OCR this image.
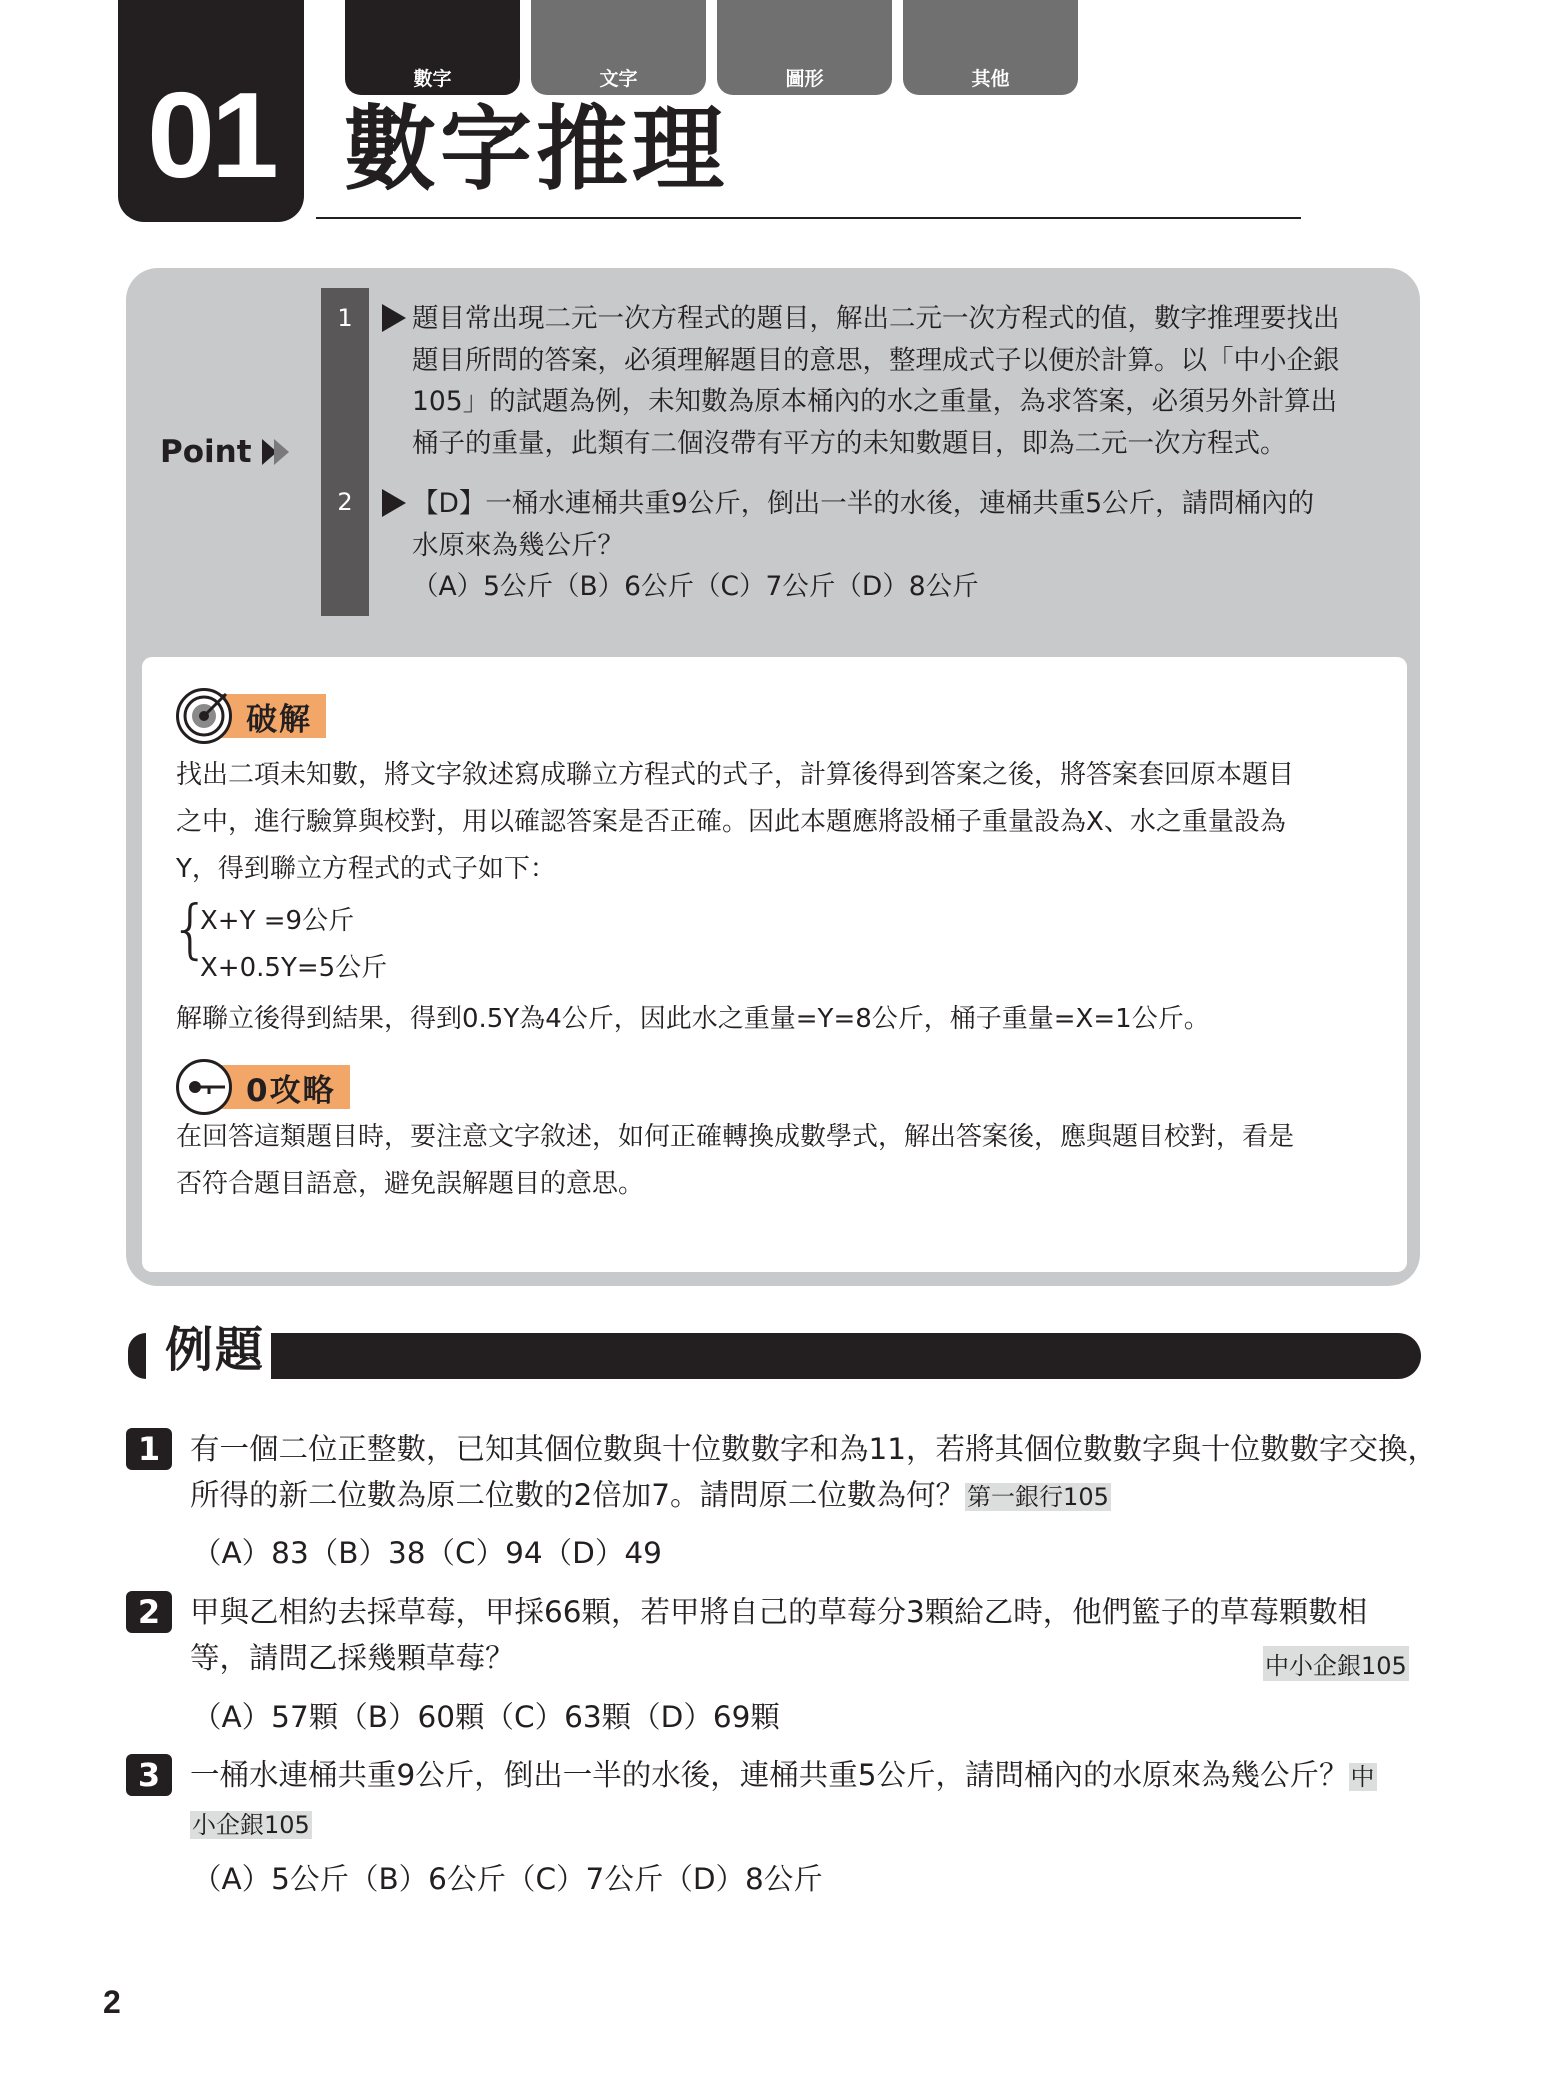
01	數字	文字	圖形	其他
數字推理
Point
1
2
題目常出現二元一次方程式的題目，解出二元一次方程式的值，數字推理要找出
題目所問的答案，必須理解題目的意思，整理成式子以便於計算。以「中小企銀
105」的試題為例，未知數為原本桶內的水之重量，為求答案，必須另外計算出
桶子的重量，此類有二個沒帶有平方的未知數題目，即為二元一次方程式。
【D】一桶水連桶共重9公斤，倒出一半的水後，連桶共重5公斤，請問桶內的
水原來為幾公斤？
（A）5公斤（B）6公斤（C）7公斤（D）8公斤
破解
找出二項未知數，將文字敘述寫成聯立方程式的式子，計算後得到答案之後，將答案套回原本題目
之中，進行驗算與校對，用以確認答案是否正確。因此本題應將設桶子重量設為X、水之重量設為
Y，得到聯立方程式的式子如下：
{
X+Y =9公斤
X+0.5Y=5公斤
解聯立後得到結果，得到0.5Y為4公斤，因此水之重量=Y=8公斤，桶子重量=X=1公斤。
0攻略
在回答這類題目時，要注意文字敘述，如何正確轉換成數學式，解出答案後，應與題目校對，看是
否符合題目語意，避免誤解題目的意思。
例題
1 有一個二位正整數，已知其個位數與十位數數字和為11，若將其個位數數字與十位數數字交換，
所得的新二位數為原二位數的2倍加7。請問原二位數為何？第一銀行105
（A）83（B）38（C）94（D）49
2 甲與乙相約去採草莓，甲採66顆，若甲將自己的草莓分3顆給乙時，他們籃子的草莓顆數相
等，請問乙採幾顆草莓？	中小企銀105
（A）57顆（B）60顆（C）63顆（D）69顆
3 一桶水連桶共重9公斤，倒出一半的水後，連桶共重5公斤，請問桶內的水原來為幾公斤？中
小企銀105
（A）5公斤（B）6公斤（C）7公斤（D）8公斤
2
